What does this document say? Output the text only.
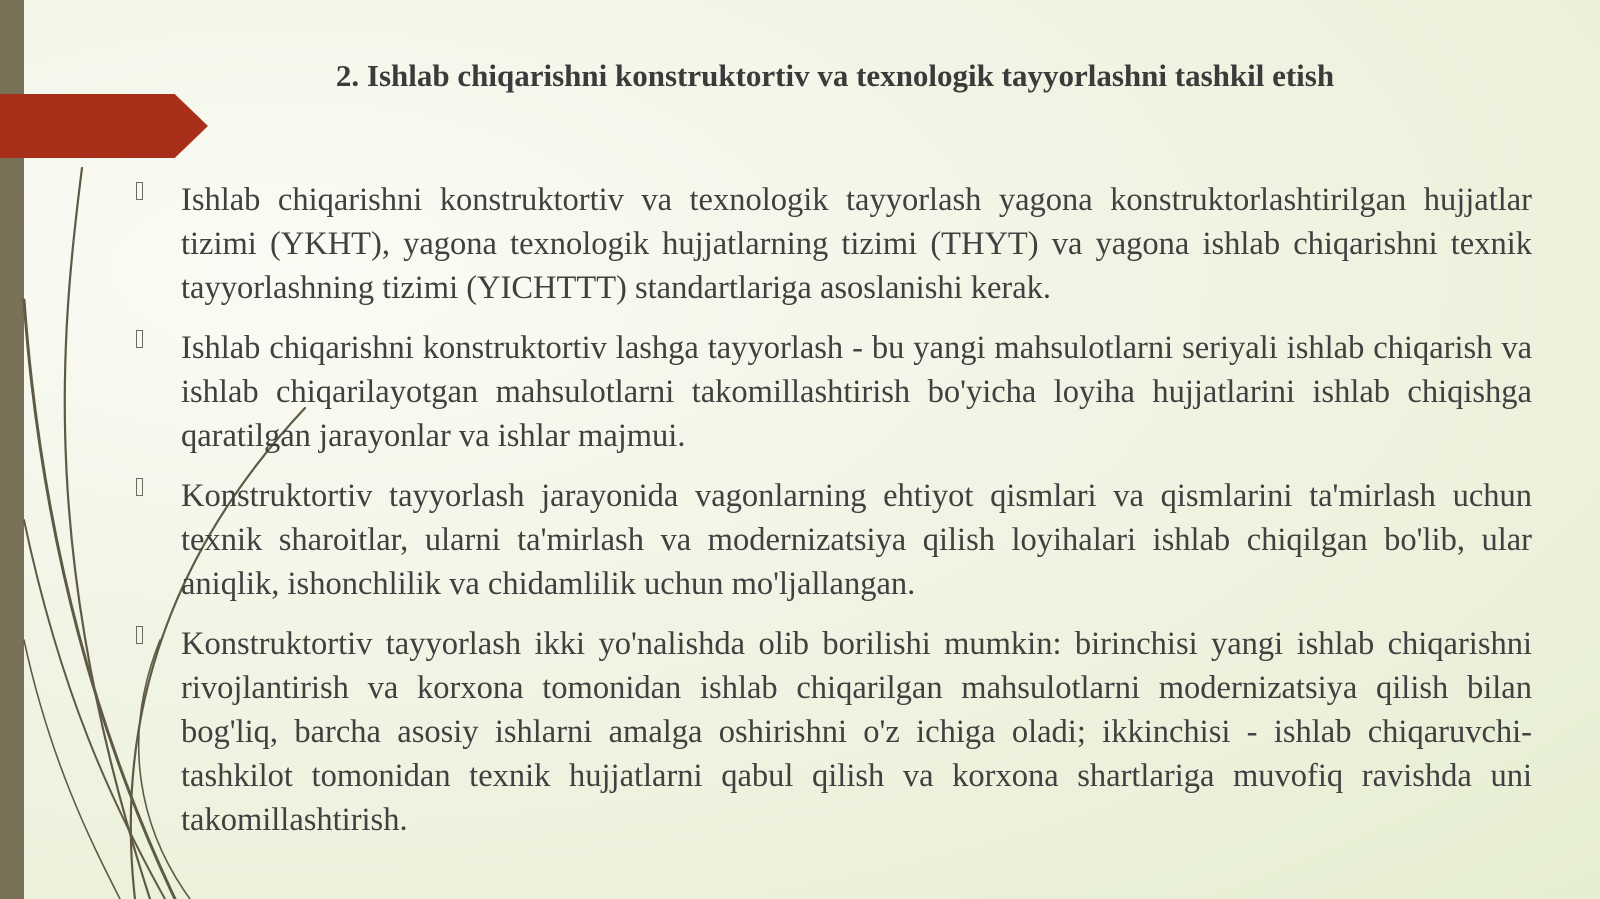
2. Ishlab chiqarishni konstruktortiv va texnologik tayyorlashni tashkil etish
Ishlab chiqarishni konstruktortiv va texnologik tayyorlash yagona konstruktorlashtirilgan hujjatlar tizimi (YKHT), yagona texnologik hujjatlarning tizimi (THYT) va yagona ishlab chiqarishni texnik tayyorlashning tizimi (YICHTTT) standartlariga asoslanishi kerak.
Ishlab chiqarishni konstruktortiv lashga tayyorlash - bu yangi mahsulotlarni seriyali ishlab chiqarish va ishlab chiqarilayotgan mahsulotlarni takomillashtirish bo'yicha loyiha hujjatlarini ishlab chiqishga qaratilgan jarayonlar va ishlar majmui.
Konstruktortiv tayyorlash jarayonida vagonlarning ehtiyot qismlari va qismlarini ta'mirlash uchun texnik sharoitlar, ularni ta'mirlash va modernizatsiya qilish loyihalari ishlab chiqilgan bo'lib, ular aniqlik, ishonchlilik va chidamlilik uchun mo'ljallangan.
Konstruktortiv tayyorlash ikki yo'nalishda olib borilishi mumkin: birinchisi yangi ishlab chiqarishni rivojlantirish va korxona tomonidan ishlab chiqarilgan mahsulotlarni modernizatsiya qilish bilan bog'liq, barcha asosiy ishlarni amalga oshirishni o'z ichiga oladi; ikkinchisi - ishlab chiqaruvchi-tashkilot tomonidan texnik hujjatlarni qabul qilish va korxona shartlariga muvofiq ravishda uni takomillashtirish.
